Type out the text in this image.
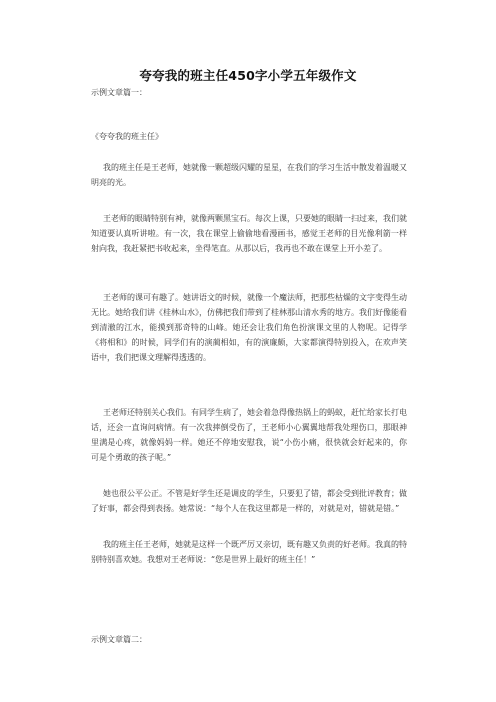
夸夸我的班主任450字小学五年级作文
示例文章篇一：
《夸夸我的班主任》
我的班主任是王老师，她就像一颗超级闪耀的星星，在我们的学习生活中散发着温暖又明亮的光。
王老师的眼睛特别有神，就像两颗黑宝石。每次上课，只要她的眼睛一扫过来，我们就知道要认真听讲啦。有一次，我在课堂上偷偷地看漫画书，感觉王老师的目光像利箭一样射向我，我赶紧把书收起来，坐得笔直。从那以后，我再也不敢在课堂上开小差了。
王老师的课可有趣了。她讲语文的时候，就像一个魔法师，把那些枯燥的文字变得生动无比。她给我们讲《桂林山水》，仿佛把我们带到了桂林那山清水秀的地方。我们好像能看到清澈的江水，能摸到那奇特的山峰。她还会让我们角色扮演课文里的人物呢。记得学《将相和》的时候，同学们有的演蔺相如，有的演廉颇，大家都演得特别投入，在欢声笑语中，我们把课文理解得透透的。
王老师还特别关心我们。有同学生病了，她会着急得像热锅上的蚂蚁，赶忙给家长打电话，还会一直询问病情。有一次我摔倒受伤了，王老师小心翼翼地帮我处理伤口，那眼神里满是心疼，就像妈妈一样。她还不停地安慰我，说“小伤小痛，很快就会好起来的，你可是个勇敢的孩子呢。”
她也很公平公正。不管是好学生还是调皮的学生，只要犯了错，都会受到批评教育；做了好事，都会得到表扬。她常说：“每个人在我这里都是一样的，对就是对，错就是错。”
我的班主任王老师，她就是这样一个既严厉又亲切，既有趣又负责的好老师。我真的特别特别喜欢她。我想对王老师说：“您是世界上最好的班主任！”
示例文章篇二：
